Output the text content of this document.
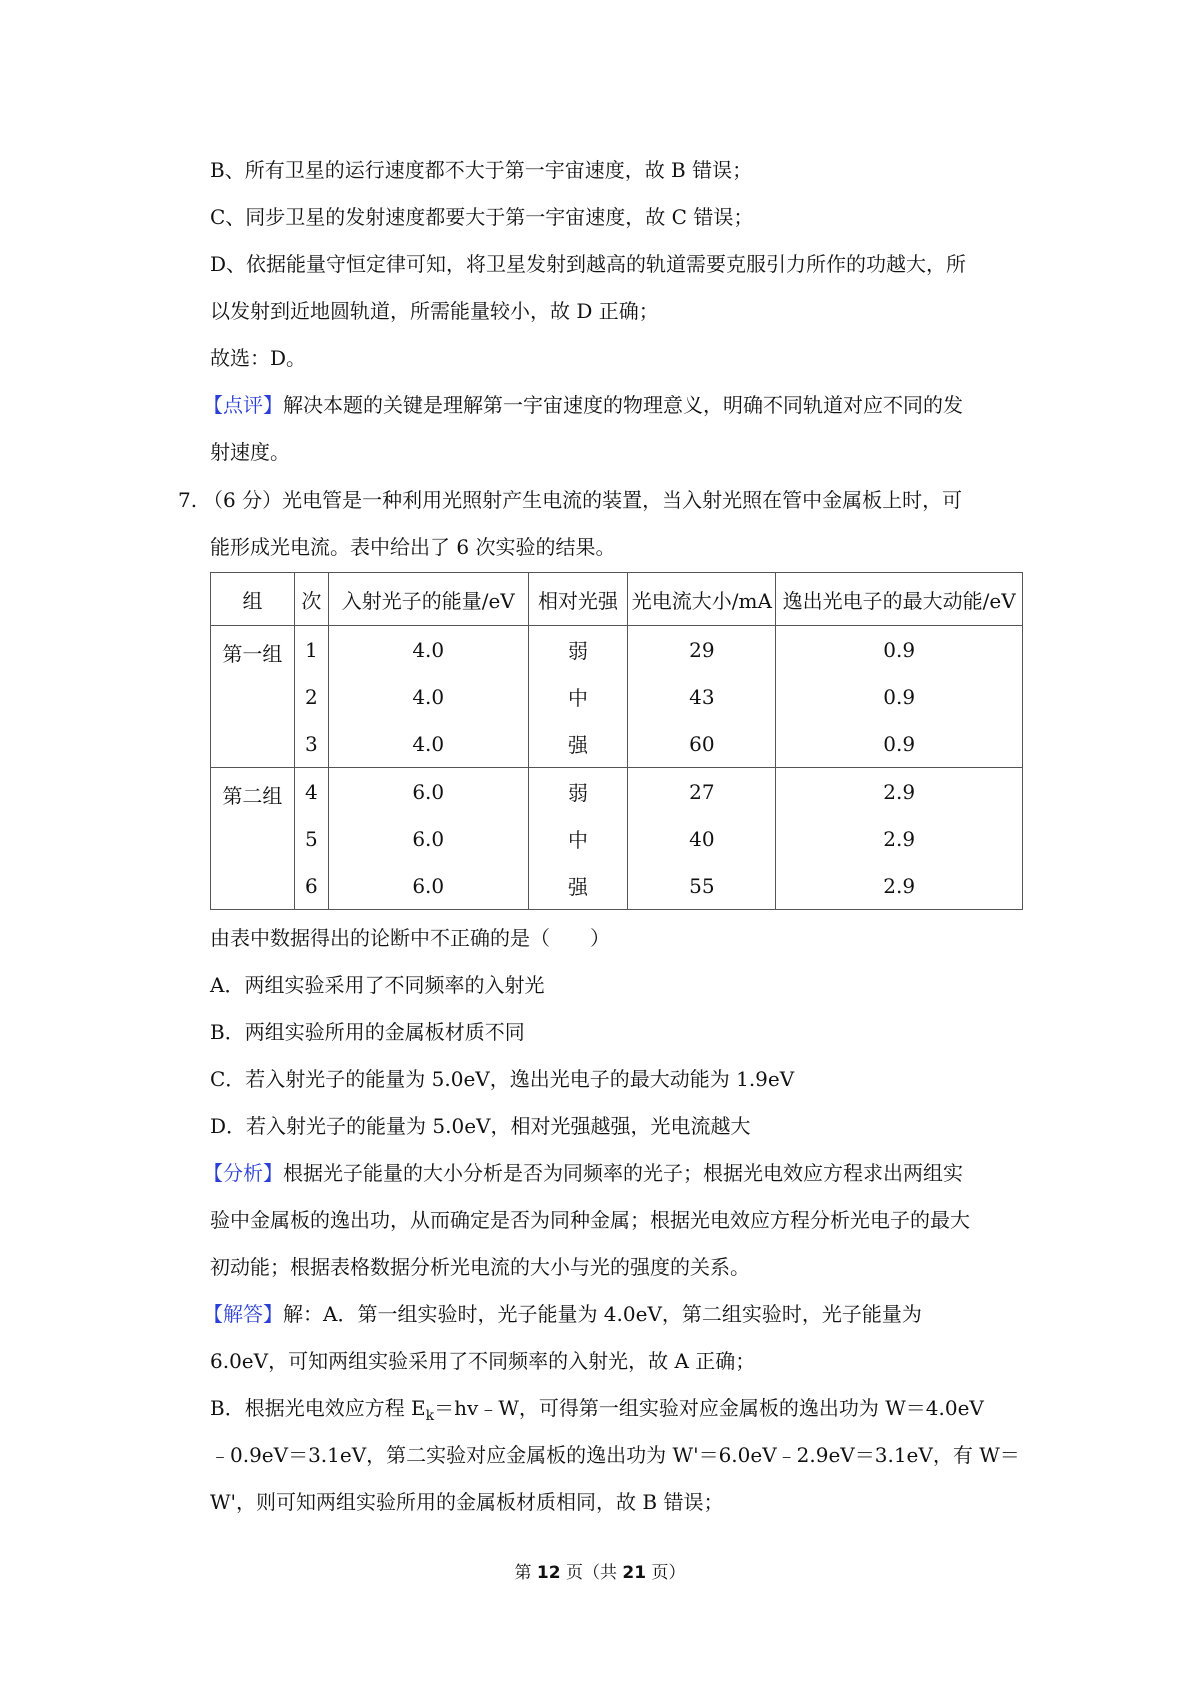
B、所有卫星的运行速度都不大于第一宇宙速度，故 B 错误；
C、同步卫星的发射速度都要大于第一宇宙速度，故 C 错误；
D、依据能量守恒定律可知，将卫星发射到越高的轨道需要克服引力所作的功越大，所
以发射到近地圆轨道，所需能量较小，故 D 正确；
故选：D。
【点评】解决本题的关键是理解第一宇宙速度的物理意义，明确不同轨道对应不同的发
射速度。
7. （6 分）光电管是一种利用光照射产生电流的装置，当入射光照在管中金属板上时，可
能形成光电流。表中给出了 6 次实验的结果。
组	次	入射光子的能量/eV	相对光强	光电流大小/mA	逸出光电子的最大动能/eV
第一组	1	4.0	弱	29	0.9
	2	4.0	中	43	0.9
	3	4.0	强	60	0.9
第二组	4	6.0	弱	27	2.9
	5	6.0	中	40	2.9
	6	6.0	强	55	2.9
由表中数据得出的论断中不正确的是（　　）
A．两组实验采用了不同频率的入射光
B．两组实验所用的金属板材质不同
C．若入射光子的能量为 5.0eV，逸出光电子的最大动能为 1.9eV
D．若入射光子的能量为 5.0eV，相对光强越强，光电流越大
【分析】根据光子能量的大小分析是否为同频率的光子；根据光电效应方程求出两组实
验中金属板的逸出功，从而确定是否为同种金属；根据光电效应方程分析光电子的最大
初动能；根据表格数据分析光电流的大小与光的强度的关系。
【解答】解：A．第一组实验时，光子能量为 4.0eV，第二组实验时，光子能量为
6.0eV，可知两组实验采用了不同频率的入射光，故 A 正确；
B．根据光电效应方程 $E_k=hv﹣W$，可得第一组实验对应金属板的逸出功为 W＝4.0eV
﹣0.9eV＝3.1eV，第二实验对应金属板的逸出功为 W'＝6.0eV﹣2.9eV＝3.1eV，有 W＝
W'，则可知两组实验所用的金属板材质相同，故 B 错误；
第 12 页（共 21 页）
